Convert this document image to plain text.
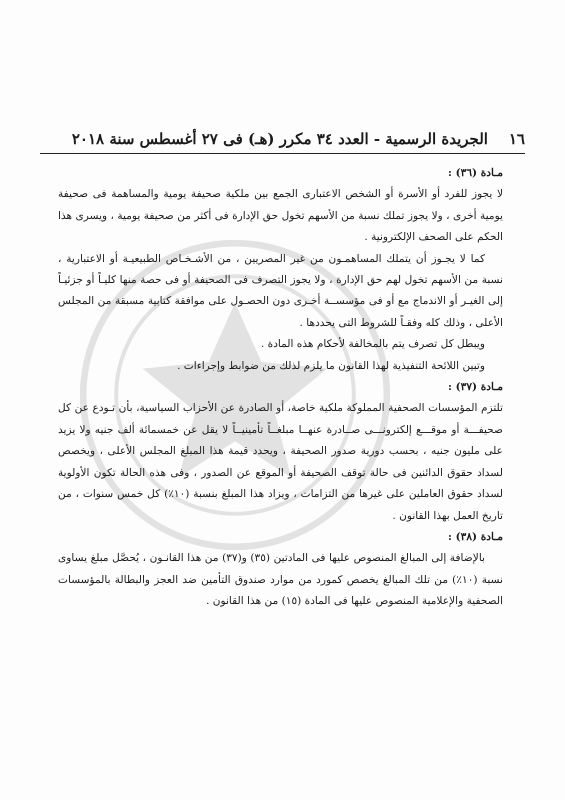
١٦    الجريدة الرسمية - العدد ٣٤ مكرر (هـ) فى ٢٧ أغسطس سنة ٢٠١٨

مـادة (٣٦) :

لا يجوز للفرد أو الأسرة أو الشخص الاعتبارى الجمع بين ملكية صحيفة يومية والمساهمة فى صحيفة يومية أخرى ، ولا يجوز تملك نسبة من الأسهم تخول حق الإدارة فى أكثر من صحيفة يومية ، ويسرى هذا الحكم على الصحف الإلكترونية .

كما لا يجـوز أن يتملك المساهمـون من غير المصريين ، من الأشـخـاص الطبيعيـة أو الاعتبارية ، نسبة من الأسهم تخول لهم حق الإدارة ، ولا يجوز التصرف فى الصحيفة أو فى حصة منها كليـاً أو جزئيـاً إلى الغيـر أو الاندماج مع أو فى مؤسســة أخـرى دون الحصـول على موافقة كتابية مسبقة من المجلس الأعلى ، وذلك كله وفقـاً للشروط التى يحددها .

ويبطل كل تصرف يتم بالمخالفة لأحكام هذه المادة .

وتبين اللائحة التنفيذية لهذا القانون ما يلزم لذلك من ضوابط وإجراءات .

مـادة (٣٧) :

تلتزم المؤسسات الصحفية المملوكة ملكية خاصة، أو الصادرة عن الأحزاب السياسية، بأن تـودع عن كل صحيفـــة أو موقـــع إلكترونـــى صــادرة عنهــا مبلغــاً تأمينيــاً لا يقل عن خمسمائة ألف جنيه ولا يزيد على مليون جنيه ، بحسب دورية صدور الصحيفة ، ويحدد قيمة هذا المبلغ المجلس الأعلى ، ويخصص لسداد حقوق الدائنين فى حالة توقف الصحيفة أو الموقع عن الصدور ، وفى هذه الحالة تكون الأولوية لسداد حقوق العاملين على غيرها من التزامات ، ويزاد هذا المبلغ بنسبة (١٠٪) كل خمس سنوات ، من تاريخ العمل بهذا القانون .

مـادة (٣٨) :

بالإضافة إلى المبالغ المنصوص عليها فى المادتين (٣٥) و(٣٧) من هذا القانـون ، يُحصَّل مبلغ يساوى نسبة (١٠٪) من تلك المبالغ يخصص كمورد من موارد صندوق التأمين ضد العجز والبطالة بالمؤسسات الصحفية والإعلامية المنصوص عليها فى المادة (١٥) من هذا القانون .
